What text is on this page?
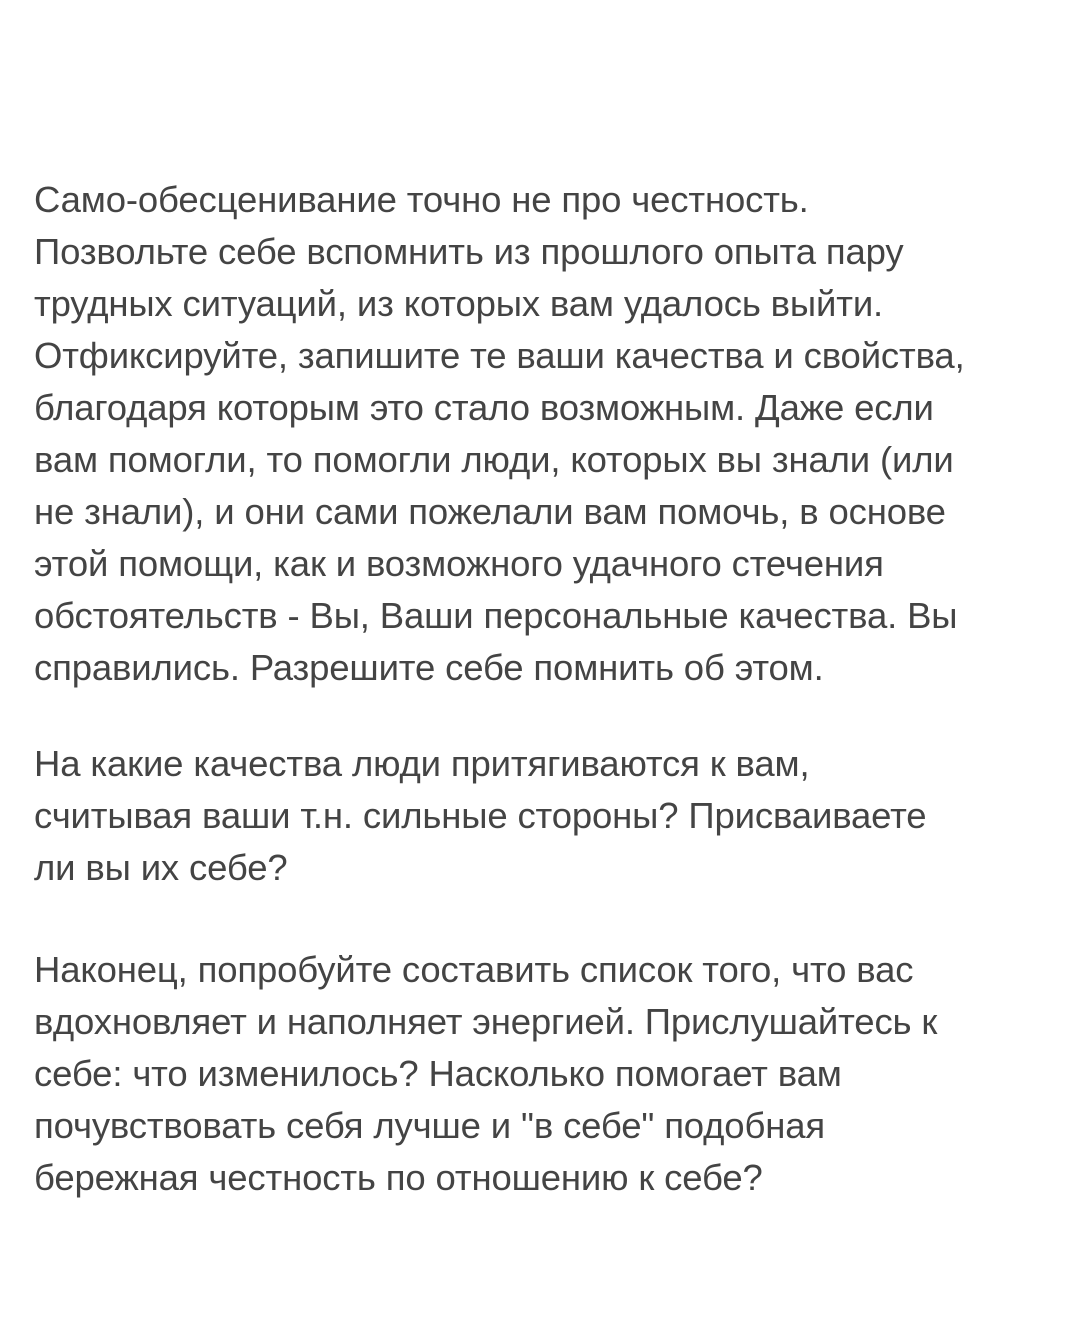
Само-обесценивание точно не про честность.
Позвольте себе вспомнить из прошлого опыта пару
трудных ситуаций, из которых вам удалось выйти.
Отфиксируйте, запишите те ваши качества и свойства,
благодаря которым это стало возможным. Даже если
вам помогли, то помогли люди, которых вы знали (или
не знали), и они сами пожелали вам помочь, в основе
этой помощи, как и возможного удачного стечения
обстоятельств - Вы, Ваши персональные качества. Вы
справились. Разрешите себе помнить об этом.
На какие качества люди притягиваются к вам,
считывая ваши т.н. сильные стороны? Присваиваете
ли вы их себе?
Наконец, попробуйте составить список того, что вас
вдохновляет и наполняет энергией. Прислушайтесь к
себе: что изменилось? Насколько помогает вам
почувствовать себя лучше и "в себе" подобная
бережная честность по отношению к себе?
